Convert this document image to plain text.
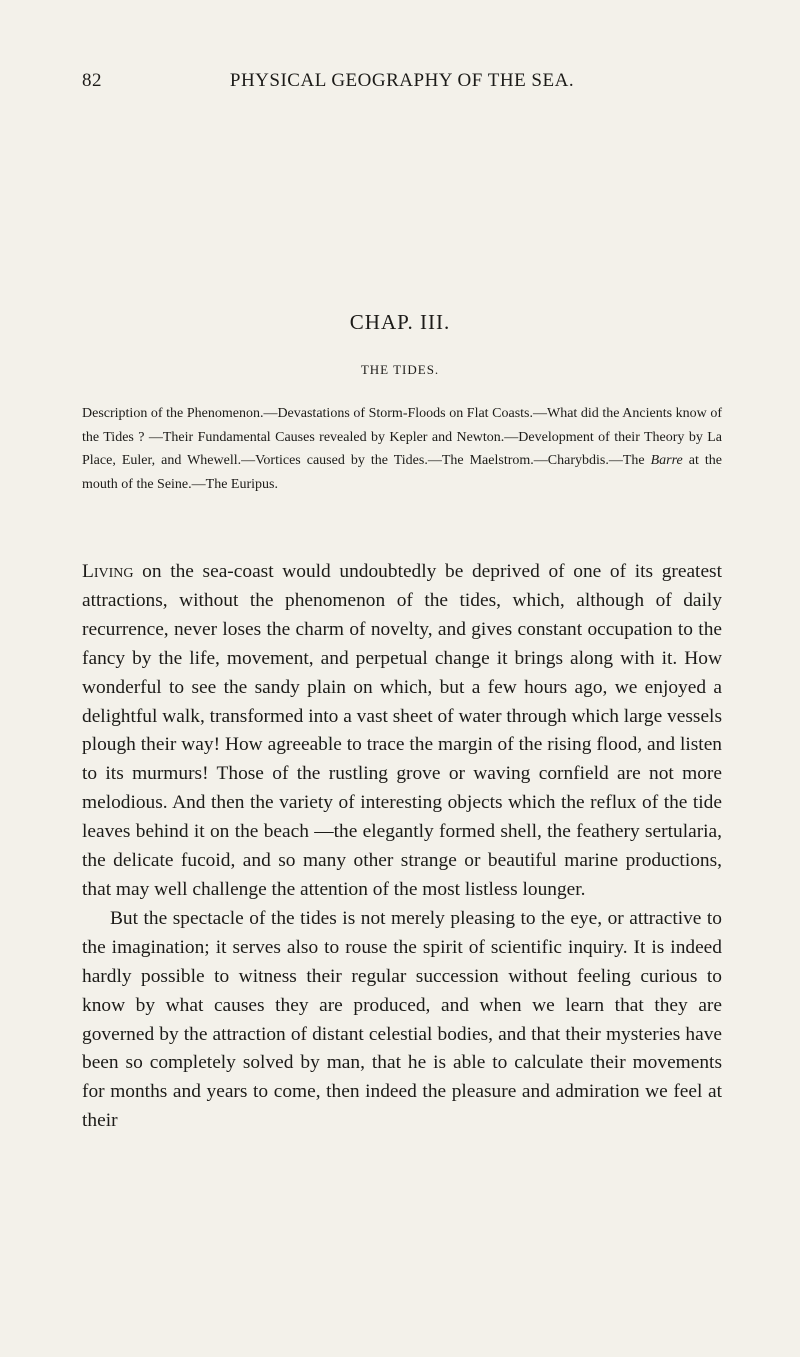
82	PHYSICAL GEOGRAPHY OF THE SEA.
CHAP. III.
THE TIDES.
Description of the Phenomenon.—Devastations of Storm-Floods on Flat Coasts.—What did the Ancients know of the Tides ? —Their Fundamental Causes revealed by Kepler and Newton.—Development of their Theory by La Place, Euler, and Whewell.—Vortices caused by the Tides.—The Maelstrom.—Charybdis.—The Barre at the mouth of the Seine.—The Euripus.

Living on the sea-coast would undoubtedly be deprived of one of its greatest attractions, without the phenomenon of the tides, which, although of daily recurrence, never loses the charm of novelty, and gives constant occupation to the fancy by the life, movement, and perpetual change it brings along with it. How wonderful to see the sandy plain on which, but a few hours ago, we enjoyed a delightful walk, transformed into a vast sheet of water through which large vessels plough their way! How agreeable to trace the margin of the rising flood, and listen to its murmurs! Those of the rustling grove or waving cornfield are not more melodious. And then the variety of interesting objects which the reflux of the tide leaves behind it on the beach —the elegantly formed shell, the feathery sertularia, the delicate fucoid, and so many other strange or beautiful marine productions, that may well challenge the attention of the most listless lounger.

But the spectacle of the tides is not merely pleasing to the eye, or attractive to the imagination; it serves also to rouse the spirit of scientific inquiry. It is indeed hardly possible to witness their regular succession without feeling curious to know by what causes they are produced, and when we learn that they are governed by the attraction of distant celestial bodies, and that their mysteries have been so completely solved by man, that he is able to calculate their movements for months and years to come, then indeed the pleasure and admiration we feel at their
